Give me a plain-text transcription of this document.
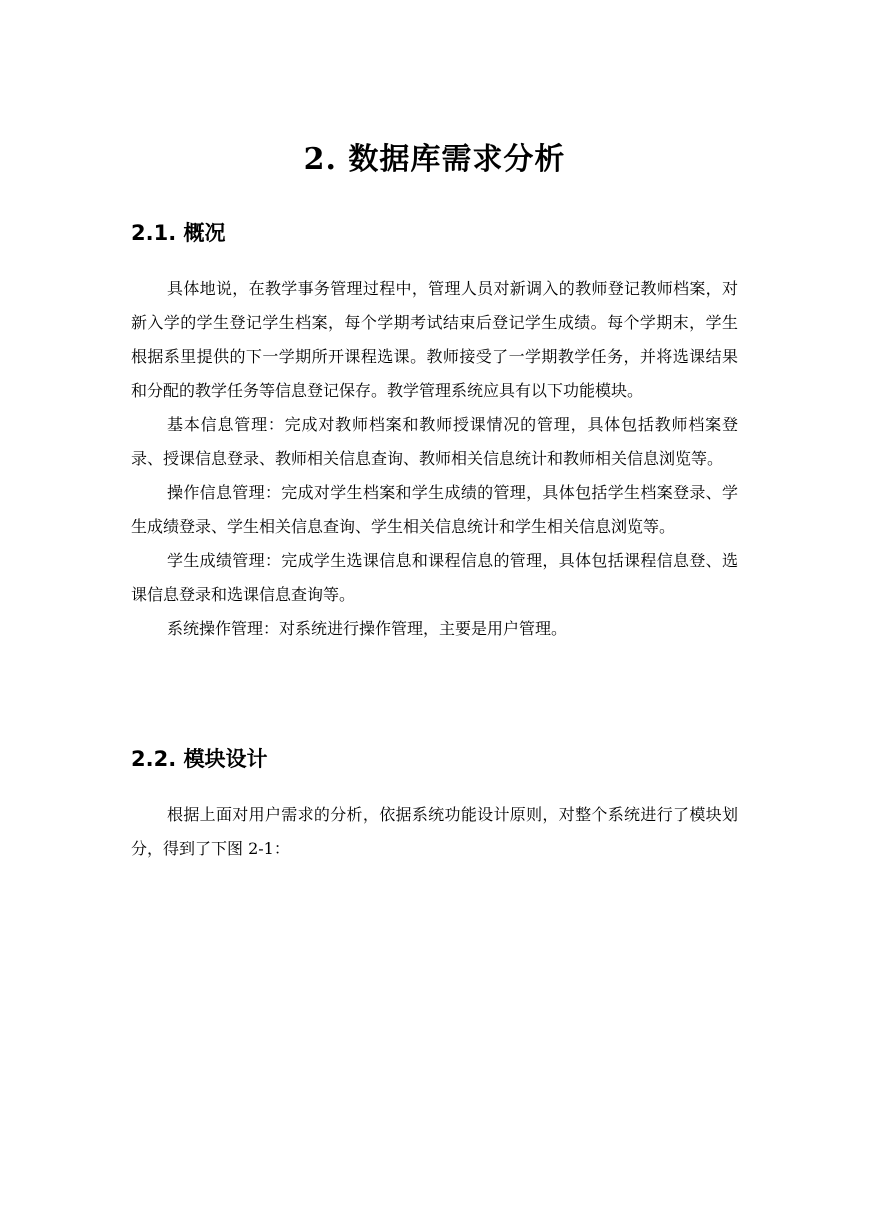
2. 数据库需求分析
2.1. 概况

具体地说，在教学事务管理过程中，管理人员对新调入的教师登记教师档案，对新入学的学生登记学生档案，每个学期考试结束后登记学生成绩。每个学期末，学生根据系里提供的下一学期所开课程选课。教师接受了一学期教学任务，并将选课结果和分配的教学任务等信息登记保存。教学管理系统应具有以下功能模块。

基本信息管理：完成对教师档案和教师授课情况的管理，具体包括教师档案登录、授课信息登录、教师相关信息查询、教师相关信息统计和教师相关信息浏览等。

操作信息管理：完成对学生档案和学生成绩的管理，具体包括学生档案登录、学生成绩登录、学生相关信息查询、学生相关信息统计和学生相关信息浏览等。

学生成绩管理：完成学生选课信息和课程信息的管理，具体包括课程信息登、选课信息登录和选课信息查询等。

系统操作管理：对系统进行操作管理，主要是用户管理。

2.2. 模块设计

根据上面对用户需求的分析，依据系统功能设计原则，对整个系统进行了模块划分，得到了下图 2-1：
